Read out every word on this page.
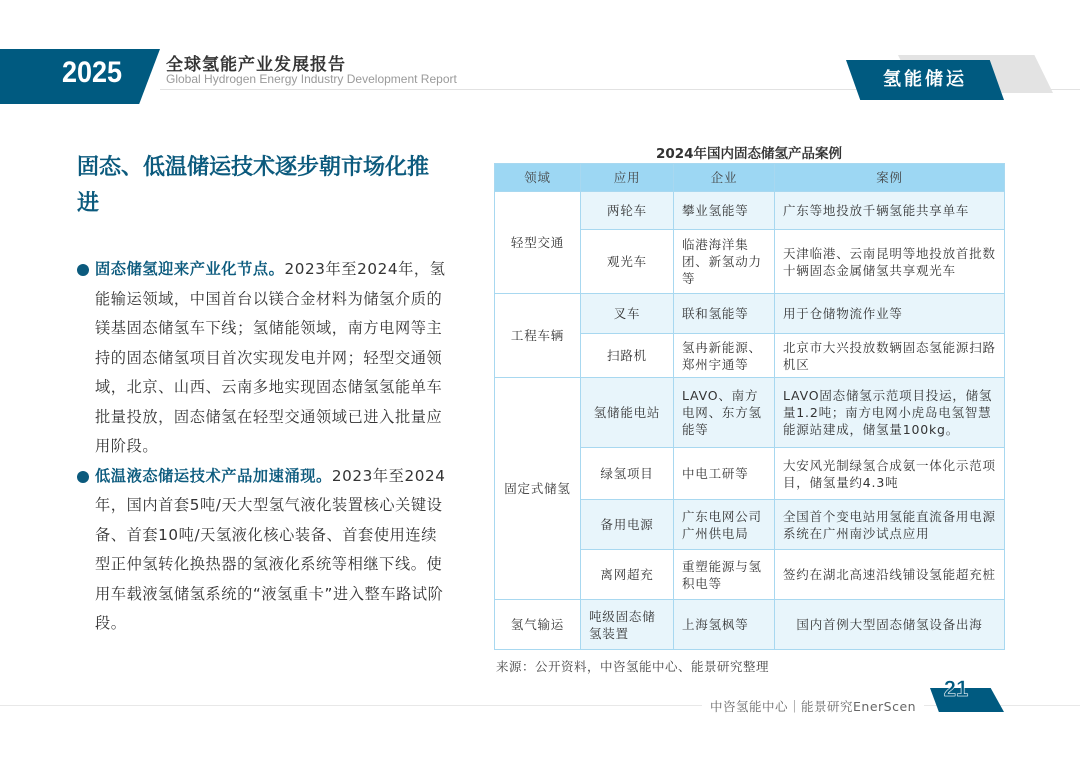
2025	全球氢能产业发展报告
Global Hydrogen Energy Industry Development Report	氢能储运
固态、低温储运技术逐步朝市场化推进

固态储氢迎来产业化节点。2023年至2024年，氢能输运领域，中国首台以镁合金材料为储氢介质的镁基固态储氢车下线；氢储能领域，南方电网等主持的固态储氢项目首次实现发电并网；轻型交通领域，北京、山西、云南多地实现固态储氢氢能单车批量投放，固态储氢在轻型交通领域已进入批量应用阶段。

低温液态储运技术产品加速涌现。2023年至2024年，国内首套5吨/天大型氢气液化装置核心关键设备、首套10吨/天氢液化核心装备、首套使用连续型正仲氢转化换热器的氢液化系统等相继下线。使用车载液氢储氢系统的“液氢重卡”进入整车路试阶段。

2024年国内固态储氢产品案例
领域	应用	企业	案例
轻型交通	两轮车	攀业氢能等	广东等地投放千辆氢能共享单车
	观光车	临港海洋集团、新氢动力等	天津临港、云南昆明等地投放首批数十辆固态金属储氢共享观光车
工程车辆	叉车	联和氢能等	用于仓储物流作业等
	扫路机	氢冉新能源、郑州宇通等	北京市大兴投放数辆固态氢能源扫路机区
固定式储氢	氢储能电站	LAVO、南方电网、东方氢能等	LAVO固态储氢示范项目投运，储氢量1.2吨；南方电网小虎岛电氢智慧能源站建成，储氢量100kg。
	绿氢项目	中电工研等	大安风光制绿氢合成氨一体化示范项目，储氢量约4.3吨
	备用电源	广东电网公司广州供电局	全国首个变电站用氢能直流备用电源系统在广州南沙试点应用
	离网超充	重塑能源与氢积电等	签约在湖北高速沿线铺设氢能超充桩
氢气输运	吨级固态储氢装置	上海氢枫等	国内首例大型固态储氢设备出海
来源：公开资料，中咨氢能中心、能景研究整理
中咨氢能中心｜能景研究EnerScen
21
